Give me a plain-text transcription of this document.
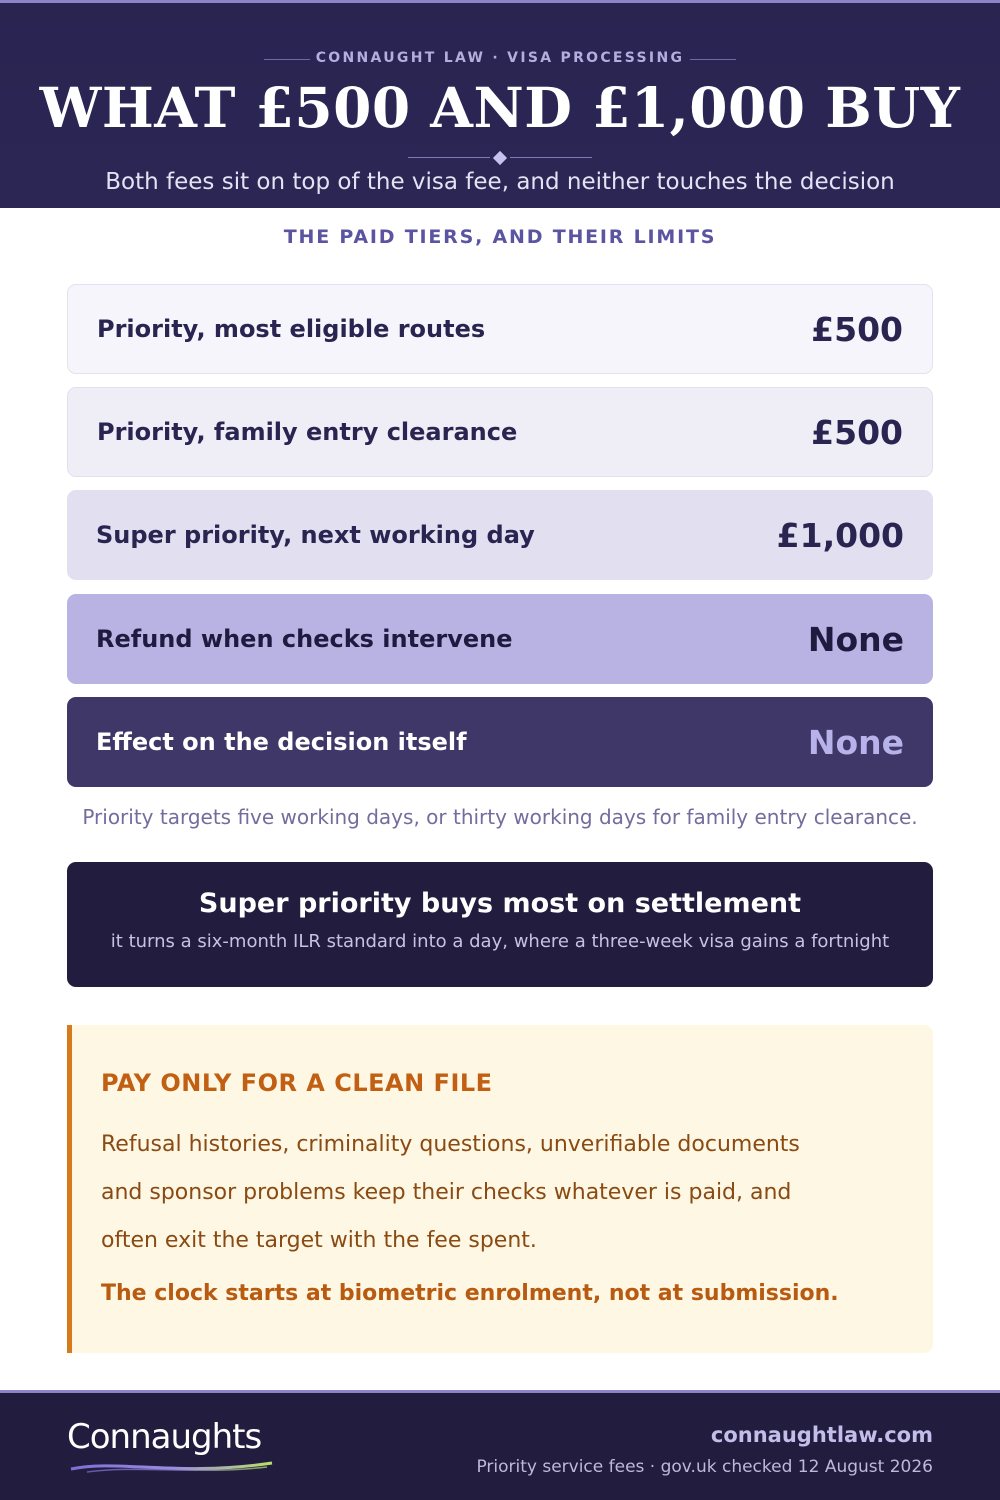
CONNAUGHT LAW · VISA PROCESSING
WHAT £500 AND £1,000 BUY
Both fees sit on top of the visa fee, and neither touches the decision
THE PAID TIERS, AND THEIR LIMITS
Priority, most eligible routes	£500
Priority, family entry clearance	£500
Super priority, next working day	£1,000
Refund when checks intervene	None
Effect on the decision itself	None
Priority targets five working days, or thirty working days for family entry clearance.
Super priority buys most on settlement
it turns a six-month ILR standard into a day, where a three-week visa gains a fortnight
PAY ONLY FOR A CLEAN FILE
Refusal histories, criminality questions, unverifiable documents and sponsor problems keep their checks whatever is paid, and often exit the target with the fee spent.
The clock starts at biometric enrolment, not at submission.
Connaughts	connaughtlaw.com
Priority service fees · gov.uk checked 12 August 2026
